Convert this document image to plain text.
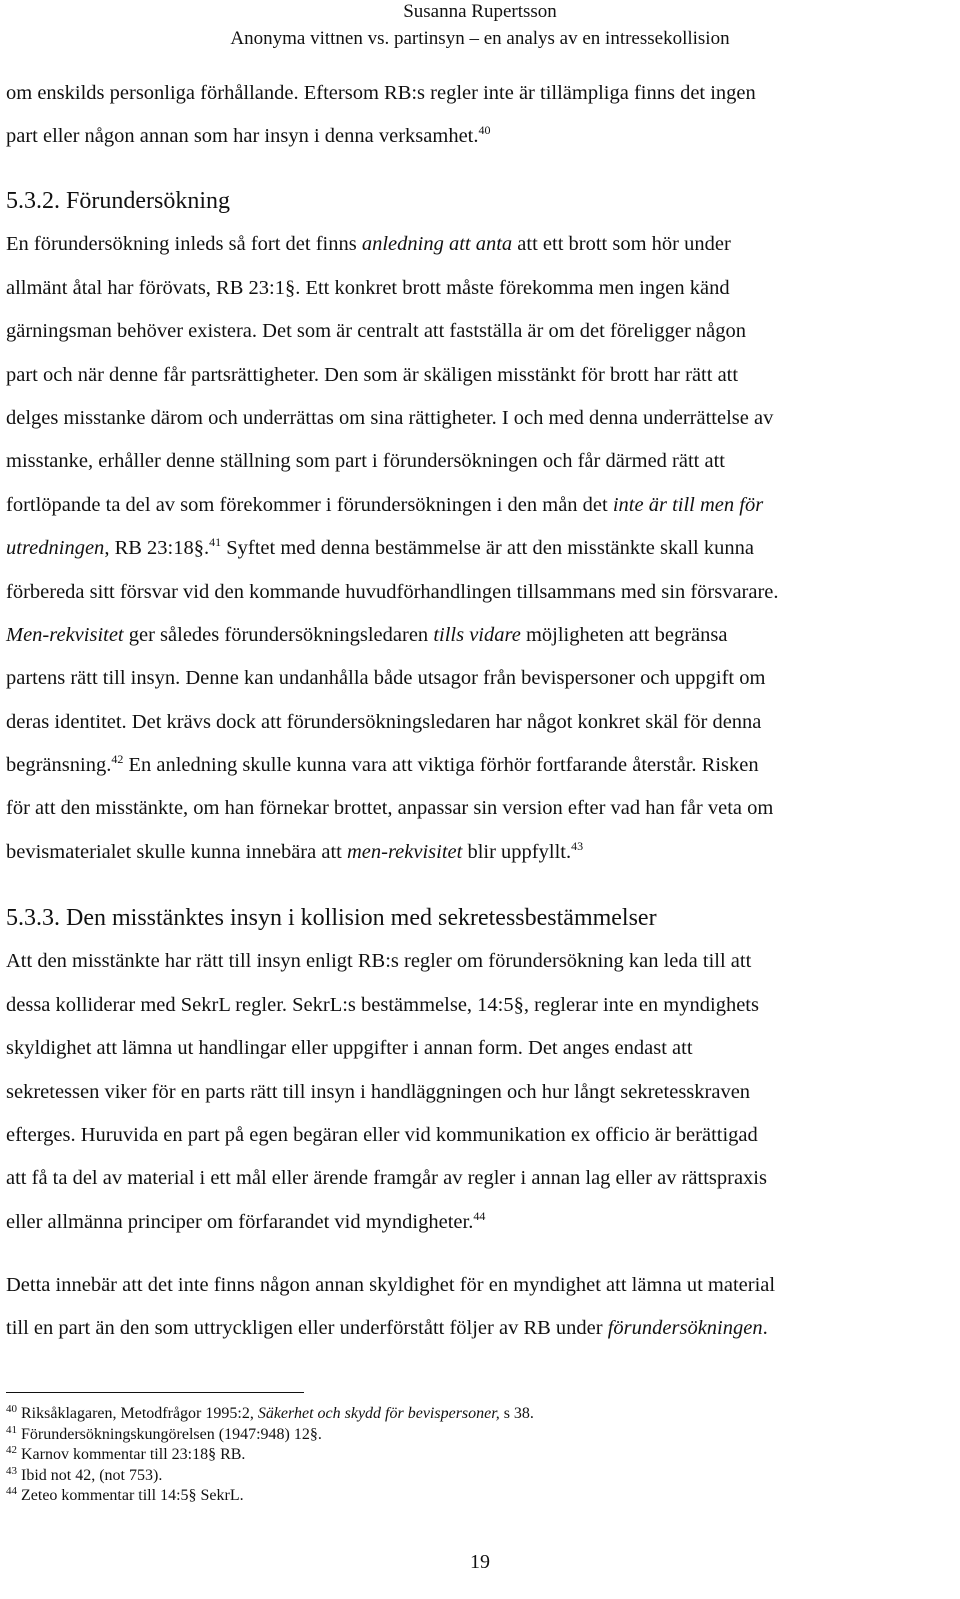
Susanna Rupertsson
Anonyma vittnen vs. partinsyn – en analys av en intressekollision
om enskilds personliga förhållande. Eftersom RB:s regler inte är tillämpliga finns det ingen
part eller någon annan som har insyn i denna verksamhet.$^{40}$
5.3.2. Förundersökning
En förundersökning inleds så fort det finns anledning att anta att ett brott som hör under
allmänt åtal har förövats, RB 23:1§. Ett konkret brott måste förekomma men ingen känd
gärningsman behöver existera. Det som är centralt att fastställa är om det föreligger någon
part och när denne får partsrättigheter. Den som är skäligen misstänkt för brott har rätt att
delges misstanke därom och underrättas om sina rättigheter. I och med denna underrättelse av
misstanke, erhåller denne ställning som part i förundersökningen och får därmed rätt att
fortlöpande ta del av som förekommer i förundersökningen i den mån det inte är till men för
utredningen, RB 23:18§.$^{41}$ Syftet med denna bestämmelse är att den misstänkte skall kunna
förbereda sitt försvar vid den kommande huvudförhandlingen tillsammans med sin försvarare.
Men-rekvisitet ger således förundersökningsledaren tills vidare möjligheten att begränsa
partens rätt till insyn. Denne kan undanhålla både utsagor från bevispersoner och uppgift om
deras identitet. Det krävs dock att förundersökningsledaren har något konkret skäl för denna
begränsning.$^{42}$ En anledning skulle kunna vara att viktiga förhör fortfarande återstår. Risken
för att den misstänkte, om han förnekar brottet, anpassar sin version efter vad han får veta om
bevismaterialet skulle kunna innebära att men-rekvisitet blir uppfyllt.$^{43}$
5.3.3. Den misstänktes insyn i kollision med sekretessbestämmelser
Att den misstänkte har rätt till insyn enligt RB:s regler om förundersökning kan leda till att
dessa kolliderar med SekrL regler. SekrL:s bestämmelse, 14:5§, reglerar inte en myndighets
skyldighet att lämna ut handlingar eller uppgifter i annan form. Det anges endast att
sekretessen viker för en parts rätt till insyn i handläggningen och hur långt sekretesskraven
efterges. Huruvida en part på egen begäran eller vid kommunikation ex officio är berättigad
att få ta del av material i ett mål eller ärende framgår av regler i annan lag eller av rättspraxis
eller allmänna principer om förfarandet vid myndigheter.$^{44}$
Detta innebär att det inte finns någon annan skyldighet för en myndighet att lämna ut material
till en part än den som uttryckligen eller underförstått följer av RB under förundersökningen.
$^{40}$ Riksåklagaren, Metodfrågor 1995:2, Säkerhet och skydd för bevispersoner, s 38.
$^{41}$ Förundersökningskungörelsen (1947:948) 12§.
$^{42}$ Karnov kommentar till 23:18§ RB.
$^{43}$ Ibid not 42, (not 753).
$^{44}$ Zeteo kommentar till 14:5§ SekrL.
19
